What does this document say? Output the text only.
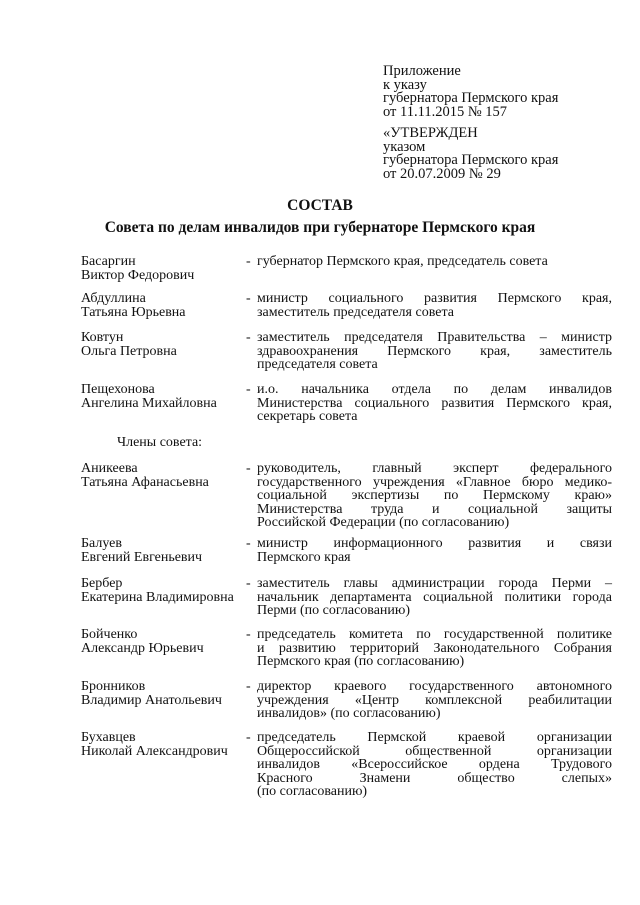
Приложение
к указу
губернатора Пермского края
от 11.11.2015 № 157
«УТВЕРЖДЕН
указом
губернатора Пермского края
от 20.07.2009 № 29
СОСТАВ
Совета по делам инвалидов при губернаторе Пермского края
Члены совета:
Басаргин
Виктор Федорович
- губернатор Пермского края, председатель совета
Абдуллина
Татьяна Юрьевна
- министр социального развития Пермского края,
заместитель председателя совета
Ковтун
Ольга Петровна
- заместитель председателя Правительства – министр
здравоохранения Пермского края, заместитель
председателя совета
Пещехонова
Ангелина Михайловна
- и.о. начальника отдела по делам инвалидов
Министерства социального развития Пермского края,
секретарь совета
Аникеева
Татьяна Афанасьевна
- руководитель, главный эксперт федерального
государственного учреждения «Главное бюро медико-
социальной экспертизы по Пермскому краю»
Министерства труда и социальной защиты
Российской Федерации (по согласованию)
Балуев
Евгений Евгеньевич
- министр информационного развития и связи
Пермского края
Бербер
Екатерина Владимировна
- заместитель главы администрации города Перми –
начальник департамента социальной политики города
Перми (по согласованию)
Бойченко
Александр Юрьевич
- председатель комитета по государственной политике
и развитию территорий Законодательного Собрания
Пермского края (по согласованию)
Бронников
Владимир Анатольевич
- директор краевого государственного автономного
учреждения «Центр комплексной реабилитации
инвалидов» (по согласованию)
Бухавцев
Николай Александрович
- председатель Пермской краевой организации
Общероссийской общественной организации
инвалидов «Всероссийское ордена Трудового
Красного Знамени общество слепых»
(по согласованию)
